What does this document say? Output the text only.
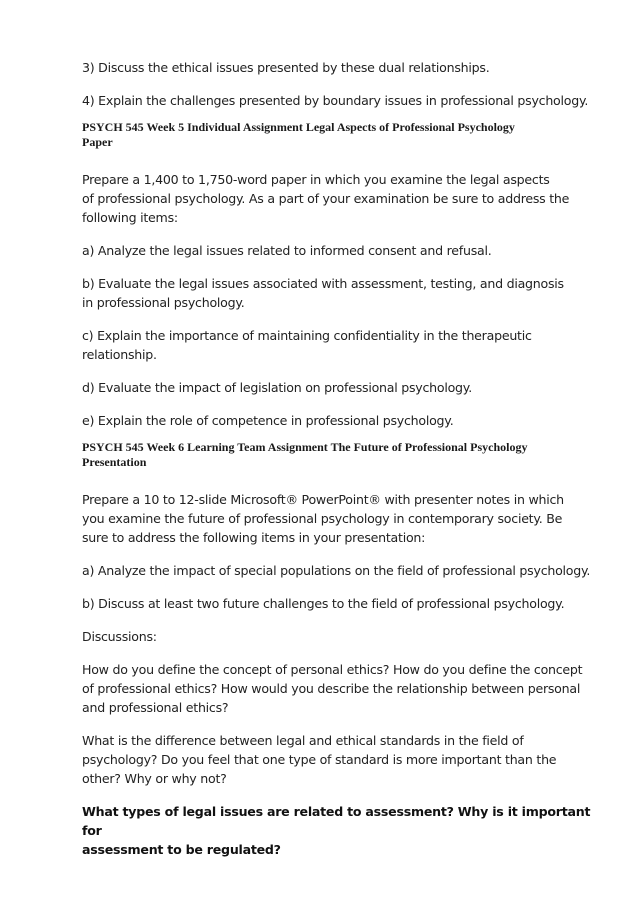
3) Discuss the ethical issues presented by these dual relationships.

4) Explain the challenges presented by boundary issues in professional psychology.

PSYCH 545 Week 5 Individual Assignment Legal Aspects of Professional Psychology
Paper

Prepare a 1,400 to 1,750-word paper in which you examine the legal aspects
of professional psychology. As a part of your examination be sure to address the
following items:

a) Analyze the legal issues related to informed consent and refusal.

b) Evaluate the legal issues associated with assessment, testing, and diagnosis
in professional psychology.

c) Explain the importance of maintaining confidentiality in the therapeutic
relationship.

d) Evaluate the impact of legislation on professional psychology.

e) Explain the role of competence in professional psychology.

PSYCH 545 Week 6 Learning Team Assignment The Future of Professional Psychology
Presentation

Prepare a 10 to 12-slide Microsoft® PowerPoint® with presenter notes in which
you examine the future of professional psychology in contemporary society. Be
sure to address the following items in your presentation:

a) Analyze the impact of special populations on the field of professional psychology.

b) Discuss at least two future challenges to the field of professional psychology.

Discussions:

How do you define the concept of personal ethics? How do you define the concept
of professional ethics? How would you describe the relationship between personal
and professional ethics?

What is the difference between legal and ethical standards in the field of
psychology? Do you feel that one type of standard is more important than the
other? Why or why not?

What types of legal issues are related to assessment? Why is it important for
assessment to be regulated?
